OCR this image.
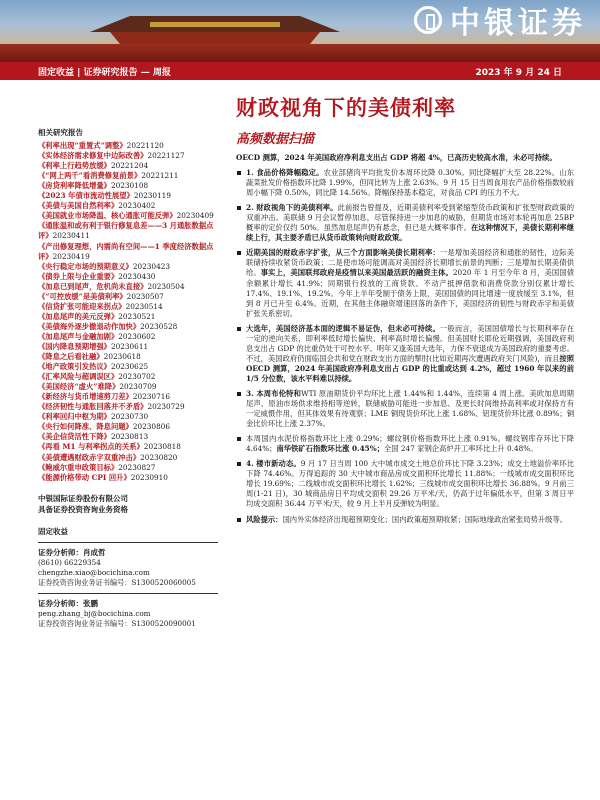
中银证券
固定收益 | 证券研究报告 — 周报	2023 年 9 月 24 日
财政视角下的美债利率
高频数据扫描
相关研究报告
《利率出现“重置式”调整》20221120
《实体经济需求修复中边际改善》20221127
《利率上行趋势放缓》20221204
《“网上两千”看消费修复前景》20221211
《房贷利率降低增量》20230108
《2023 年债市流动性展望》20230119
《美债与美国自然利率》20230402
《美国就业市场降温、核心通胀可能反弹》20230409
《通胀温和或有利于银行修复息差——3 月通胀数据点评》20230411
《产出修复理想，内需尚有空间——1 季度经济数据点评》20230419
《央行稳定市场的预期意义》20230423
《债券上限与企业重要》20230430
《加息已到尾声，危机尚未直接》20230504
《“可控放缓”是美债利率》20230507
《信贷扩张可能迎来拐点》20230514
《加息尾声的美元反弹》20230521
《美债海外逐步撤退动作加快》20230528
《加息尾声与金融加剧》20230602
《国内降息预期增强》20230611
《降息之后看社融》20230618
《地产政策引发热议》20230625
《汇率风险与超调误区》20230702
《美国经济“虚火”难降》20230709
《新经济与货币增速剪刀差》20230716
《经济韧性与通胀回落并不矛盾》20230729
《利率回归中枢为期》20230730
《央行如何降准、降息问题》20230806
《美企信贷活性下降》20230813
《再看 M1 与利率拐点的关系》20230818
《美债遭遇财政赤字双重冲击》20230820
《鲍威尔重申政策目标》20230827
《能源价格带动 CPI 回升》20230910
中银国际证券股份有限公司
具备证券投资咨询业务资格
固定收益
证券分析师：肖成哲
(8610) 66229354
chengzhe.xiao@bocichina.com
证券投资咨询业务证书编号：S1300520060005
证券分析师：张鹏
peng.zhang_bj@bocichina.com
证券投资咨询业务证书编号：S1300520090001
OECD 测算，2024 年美国政府净利息支出占 GDP 将超 4%，已高历史较高水准，未必可持续。
1. 食品价格降幅稳定。农业部猪肉平均批发价本周环比降 0.30%。同比降幅扩大至 28.22%。山东蔬菜批发价格指数环比降 1.99%，但同比转为上涨 2.63%。9 月 15 日当周食用农产品价格指数较前周小幅下降 0.50%，同比降 14.56%。降幅保持基本稳定，对食品 CPI 的压力不大。
2. 财政视角下的美债利率。此前报告曾提及，近期美债利率受到紧缩型货币政策和扩张型财政政策的双重冲击。美联储 9 月会议暂停加息，尽管保持进一步加息的威胁，但期货市场对本轮再加息 25BP 概率的定价仅约 50%。虽然加息尾声仍有悬念，但已是大概率事件。在这种情况下，美债长期利率继续上行，其主要矛盾已从货币政策转向财政政策。
近期美国的财政赤字扩张，从三个方面影响美债长期利率：一是增加美国经济和通胀的韧性，边际美联储持续收紧货币政策；二是使市场可能调高对美国经济长期增长前景的判断；三是增加长期美债供给。事实上，美国联邦政府是疫情以来美国最活跃的融资主体。2020 年 1 月至今年 8 月，美国国债余额累计增长 41.9%；同期银行投放的工商贷款、不动产抵押借款和消费贷款分别仅累计增长 17.4%、19.1%、19.2%。今年上半年受制于债务上限，美国国债的同比增速一度放缓至 3.1%，但到 8 月已升至 6.4%。近期，在其他主体融资增速回落的条件下，美国经济的韧性与财政赤字和美债扩张关系密切。
大选年，美国经济基本面的逻辑不易证伪，但未必可持续。一般而言，美国国债增长与长期利率存在一定的逆向关系，即利率低时增长偏快、利率高时增长偏慢。但美国财长耶伦近期强调，美国政府利息支出占 GDP 的比重仍处于可控水平。明年又逢美国大选年，力保不衰退成为美国政府的重要考虑。不过，美国政府仍面临国会共和党在财政支出方面的掣肘(比如近期再次遭遇政府关门风险)，而且按照 OECD 测算，2024 年美国政府净利息支出占 GDP 的比重或达到 4.2%，超过 1960 年以来的前 1/5 分位数，该水平料难以持续。
3. 本周布伦特和WTI 原油期货价平均环比上涨 1.44%和 1.44%，连续第 4 周上涨。美欧加息周期尾声、原油市场供求维持相等逆转，联储威胁可能进一步加息、及更长时间维持高利率或对保持方有一定威慑作用，但其体效果有待观察；LME 铜现货价环比上涨 1.68%、铝现货价环比涨 0.89%；铜金比价环比上涨 2.37%。
本周国内水泥价格指数环比上涨 0.29%；螺纹钢价格指数环比上涨 0.91%。螺纹钢库存环比下降 4.64%；南华铁矿石指数环比涨 0.45%；全国 247 家钢企高炉开工率环比上升 0.48%。
4. 楼市新动态。9 月 17 日当周 100 大中城市成交土地总价环比下降 3.23%；成交土地溢价率环比下降 74.46%。万得追踪的 30 大中城市商品房成交面积环比增长 11.88%；一线城市成交面积环比增长 19.69%；二线城市成交面积环比增长 1.62%；三线城市成交面积环比增长 36.88%。9 月前三周(1-21 日)，30 城商品房日平均成交面积 29.26 万平米/天，仍高于过年偏低水平，但第 3 周日平均成交面积 36.44 万平米/天，较 9 月上半月反弹较为明显。
风险提示：国内外实体经济出现超预期变化；国内政策超预期收紧；国际地缘政治紧张局势升级等。
